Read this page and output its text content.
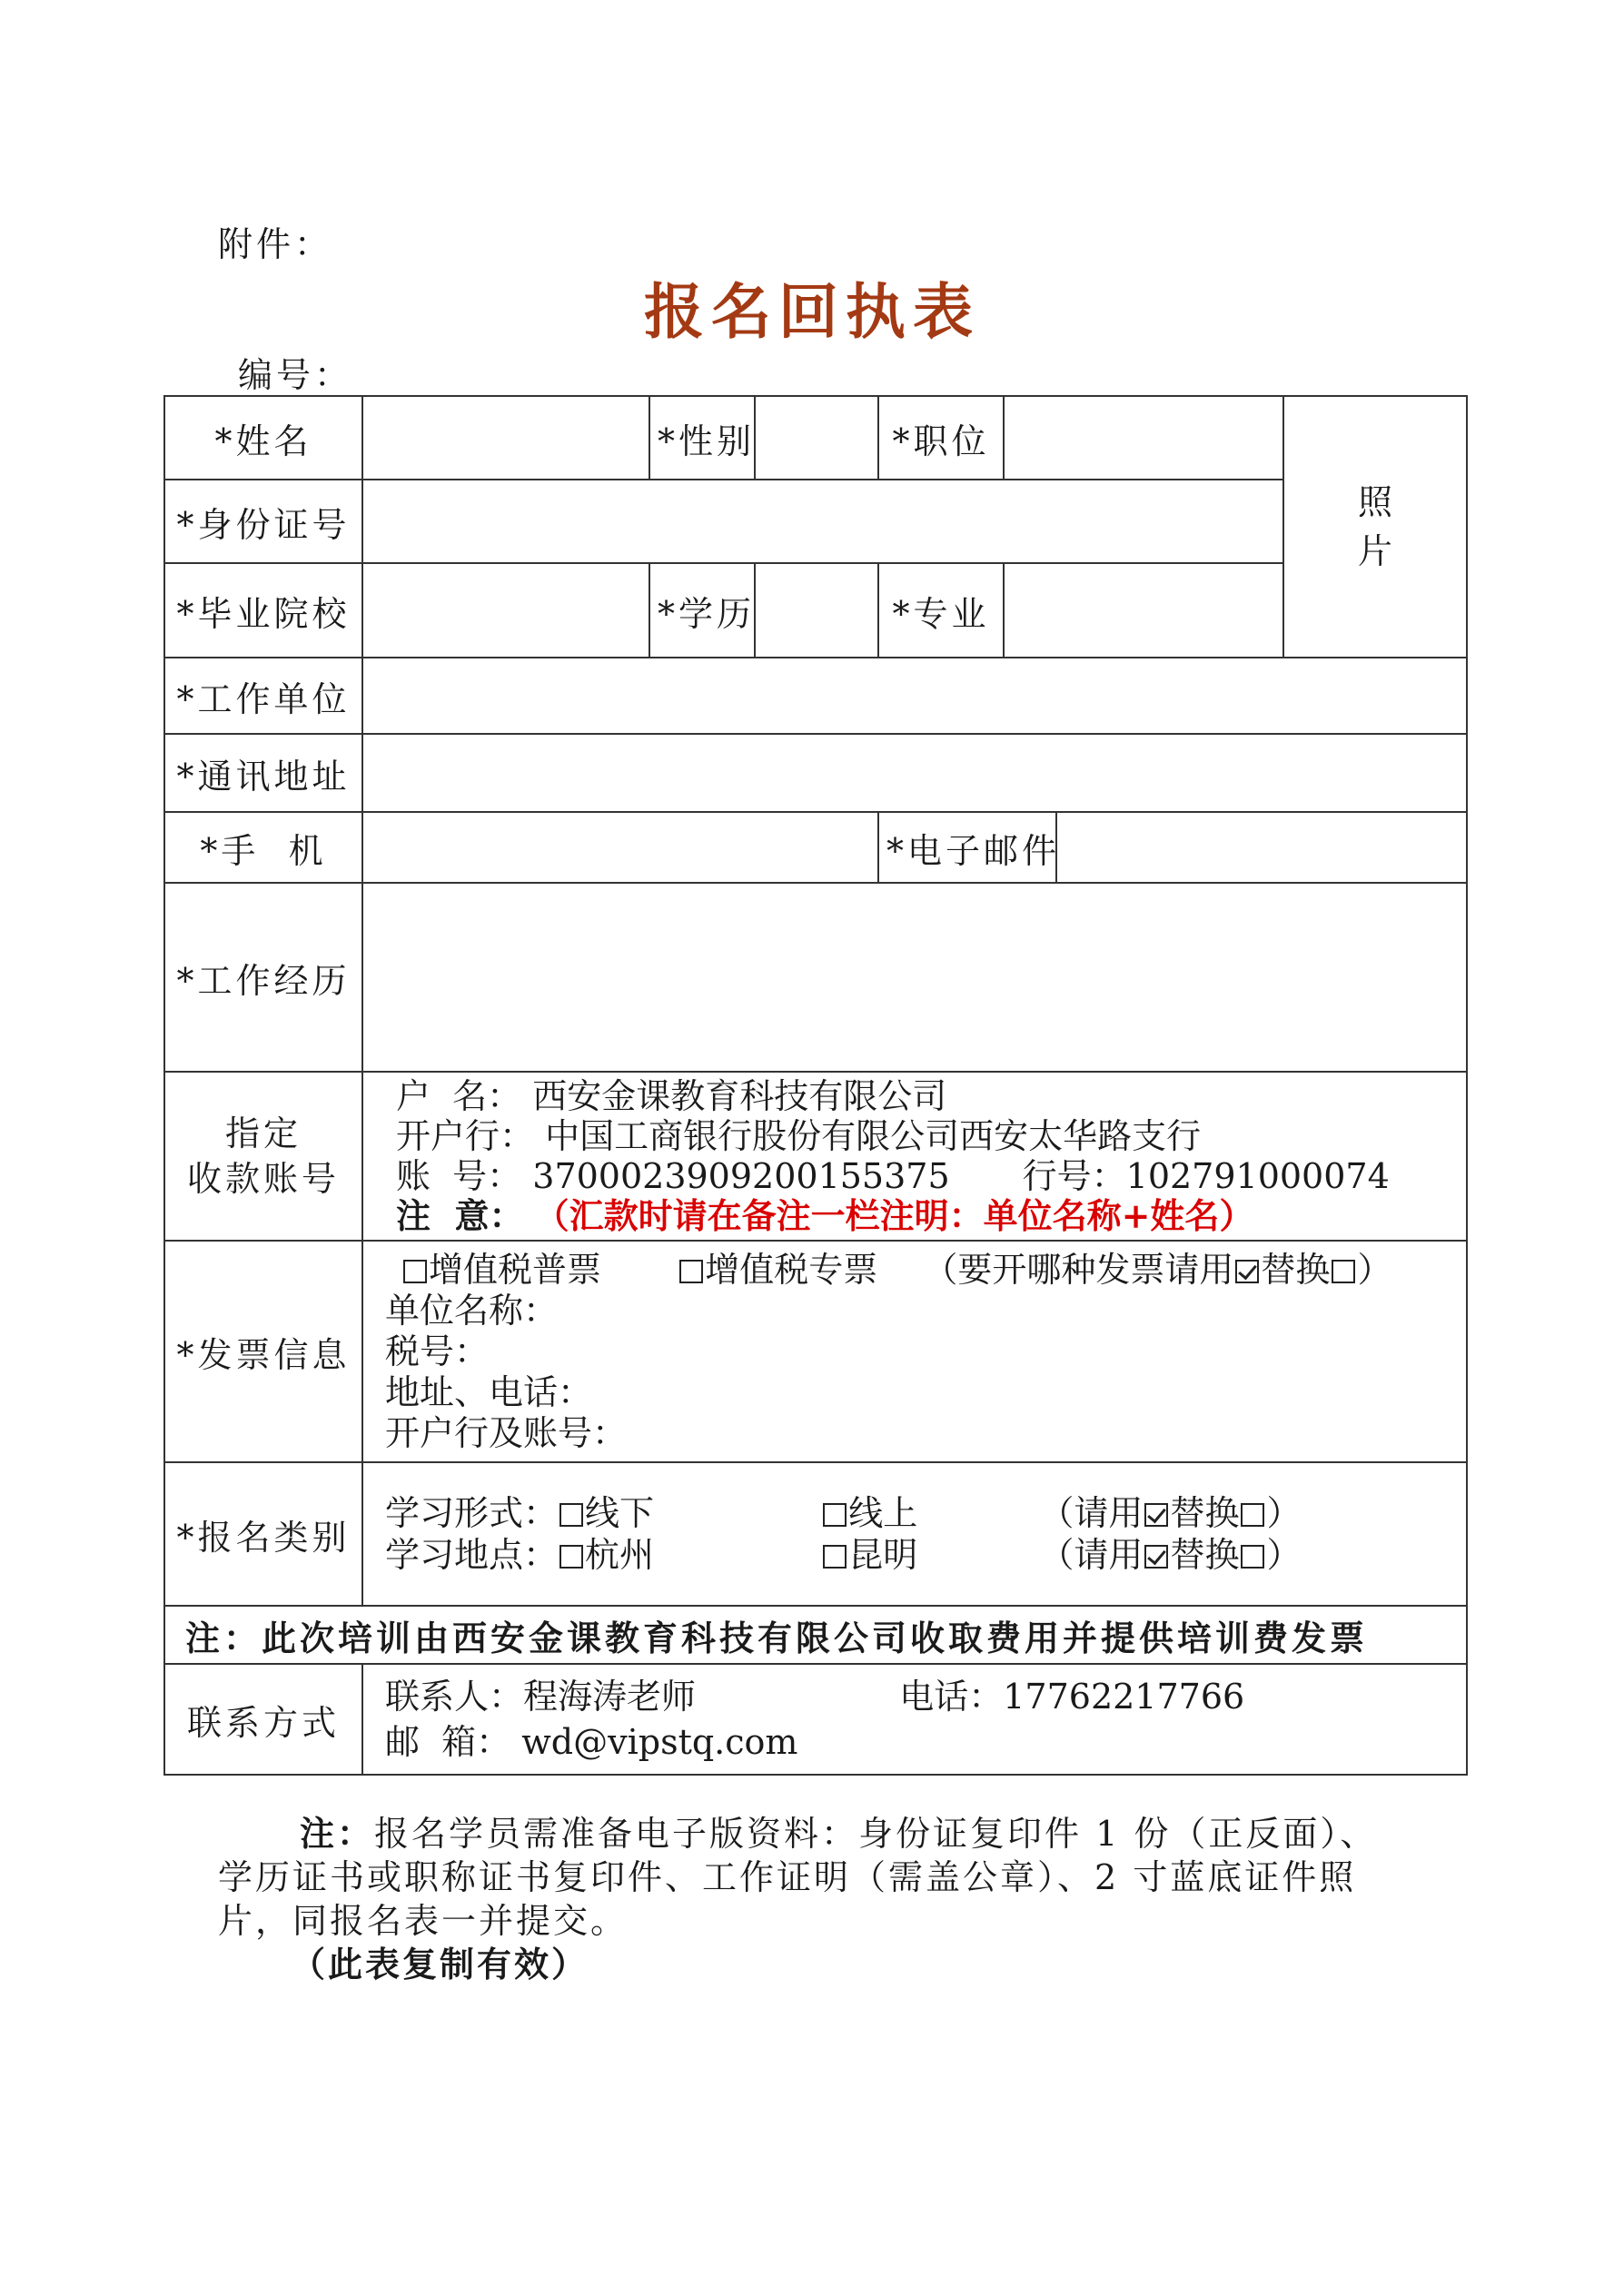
附件：
报名回执表
编号：
*姓名		*性别		*职位			照
片

*身份证号							
*毕业院校		*学历		*专业			
*工作单位							
*通讯地址							
*手  机				*电子邮件			
*工作经历							

指定
收款账号	户  名： 西安金课教育科技有限公司
开户行： 中国工商银行股份有限公司西安太华路支行
账  号： 370002390920015537​5 行号：102791000074
注  意： （汇款时请在备注一栏注明：单位名称+姓名）						

*发票信息	增值税普票 增值税专票 （要开哪种发票请用 替换 ）
单位名称：
税号：
地址、电话：
开户行及账号：						

*报名类别	学习形式： 线下 线上 （请用 替换 ）
学习地点： 杭州 昆明 （请用 替换 ）						

注：此次培训由西安金课教育科技有限公司收取费用并提供培训费发票							
联系方式	联系人：程海涛老师 电话：17762217766
邮  箱： wd@vipstq.com						
注：报名学员需准备电子版资料：身份证复印件 1 份（正反面）、
学历证书或职称证书复印件、工作证明（需盖公章）、2 寸蓝底证件照
片，同报名表一并提交。
（此表复制有效）
